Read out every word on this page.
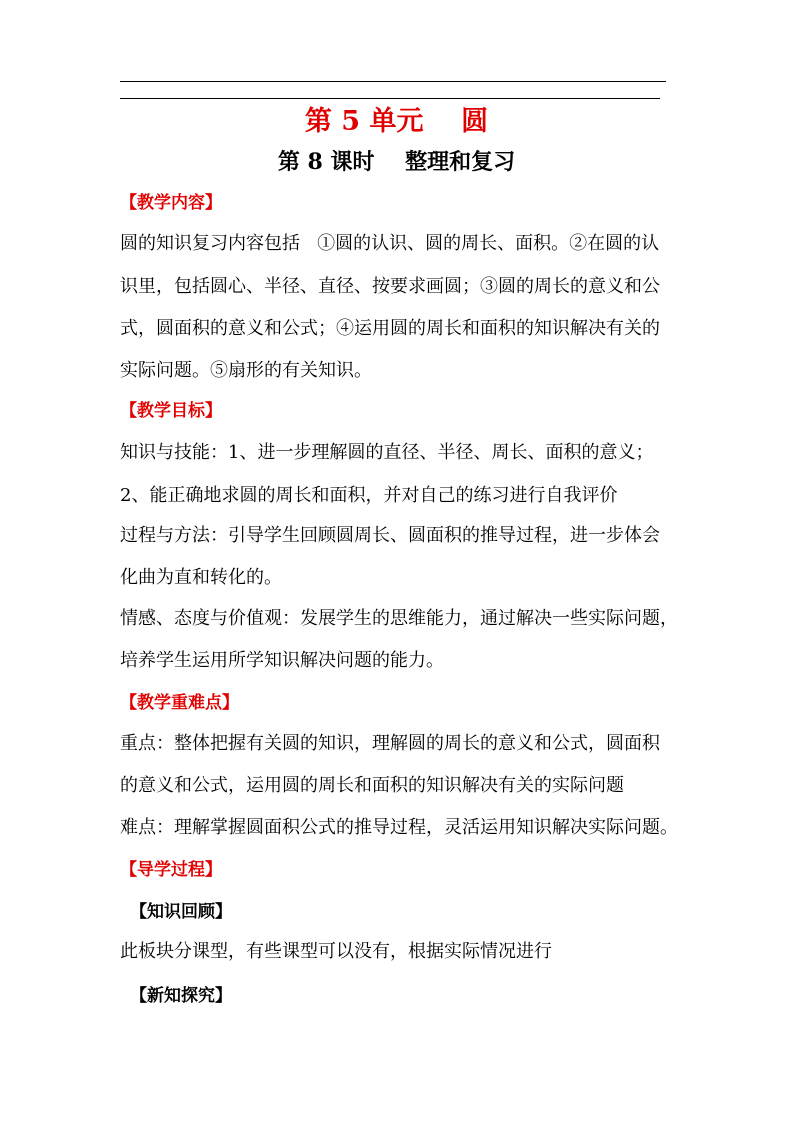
第 5 单元    圆
第 8 课时    整理和复习
【教学内容】
圆的知识复习内容包括   ①圆的认识、圆的周长、面积。②在圆的认
识里，包括圆心、半径、直径、按要求画圆；③圆的周长的意义和公
式，圆面积的意义和公式；④运用圆的周长和面积的知识解决有关的
实际问题。⑤扇形的有关知识。
【教学目标】
知识与技能：1、进一步理解圆的直径、半径、周长、面积的意义；
2、能正确地求圆的周长和面积，并对自己的练习进行自我评价
过程与方法：引导学生回顾圆周长、圆面积的推导过程，进一步体会
化曲为直和转化的。
情感、态度与价值观：发展学生的思维能力，通过解决一些实际问题，
培养学生运用所学知识解决问题的能力。
【教学重难点】
重点：整体把握有关圆的知识，理解圆的周长的意义和公式，圆面积
的意义和公式，运用圆的周长和面积的知识解决有关的实际问题
难点：理解掌握圆面积公式的推导过程，灵活运用知识解决实际问题。
【导学过程】
【知识回顾】
此板块分课型，有些课型可以没有，根据实际情况进行
【新知探究】
